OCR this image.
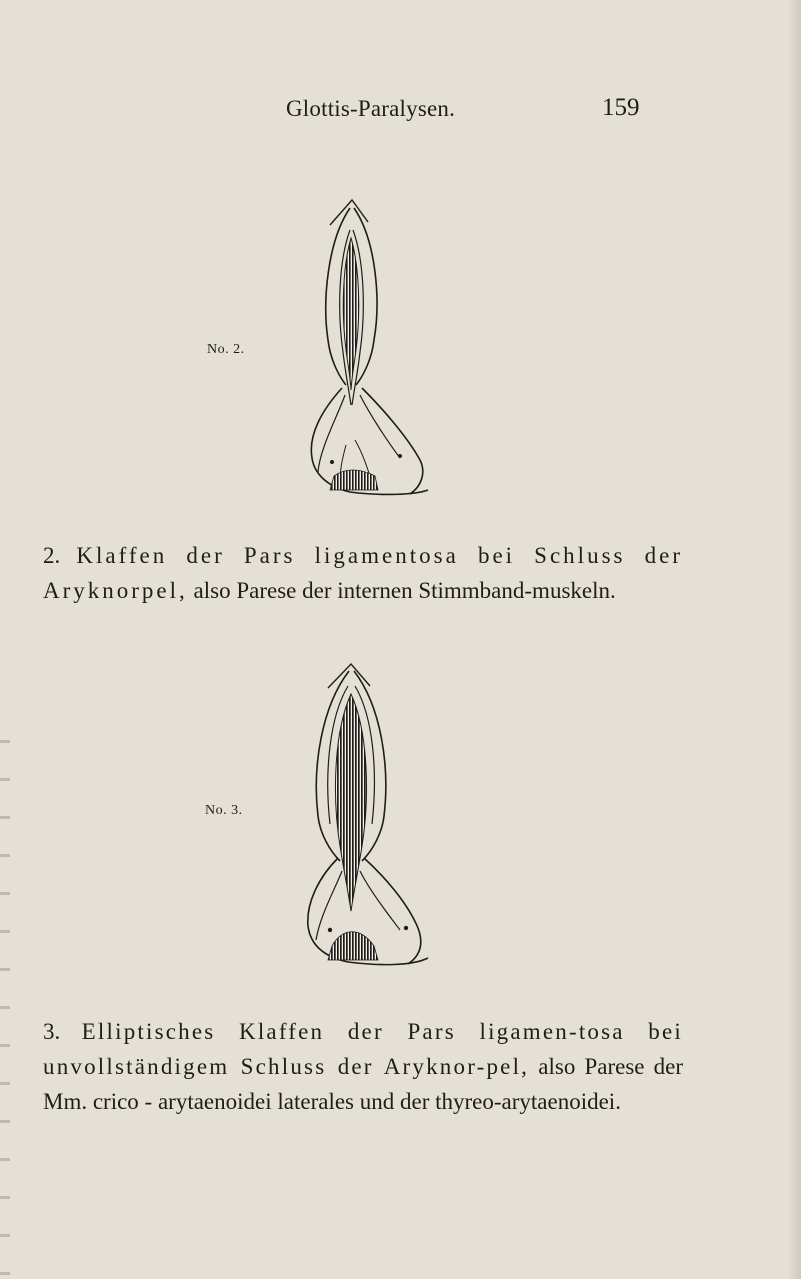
Glottis-Paralysen.	159
No. 2.
2. Klaffen der Pars ligamentosa bei Schluss der Aryknorpel, also Parese der internen Stimmband-muskeln.
No. 3.
3. Elliptisches Klaffen der Pars ligamen-tosa bei unvollständigem Schluss der Aryknor-pel, also Parese der Mm. crico - arytaenoidei laterales und der thyreo-arytaenoidei.
